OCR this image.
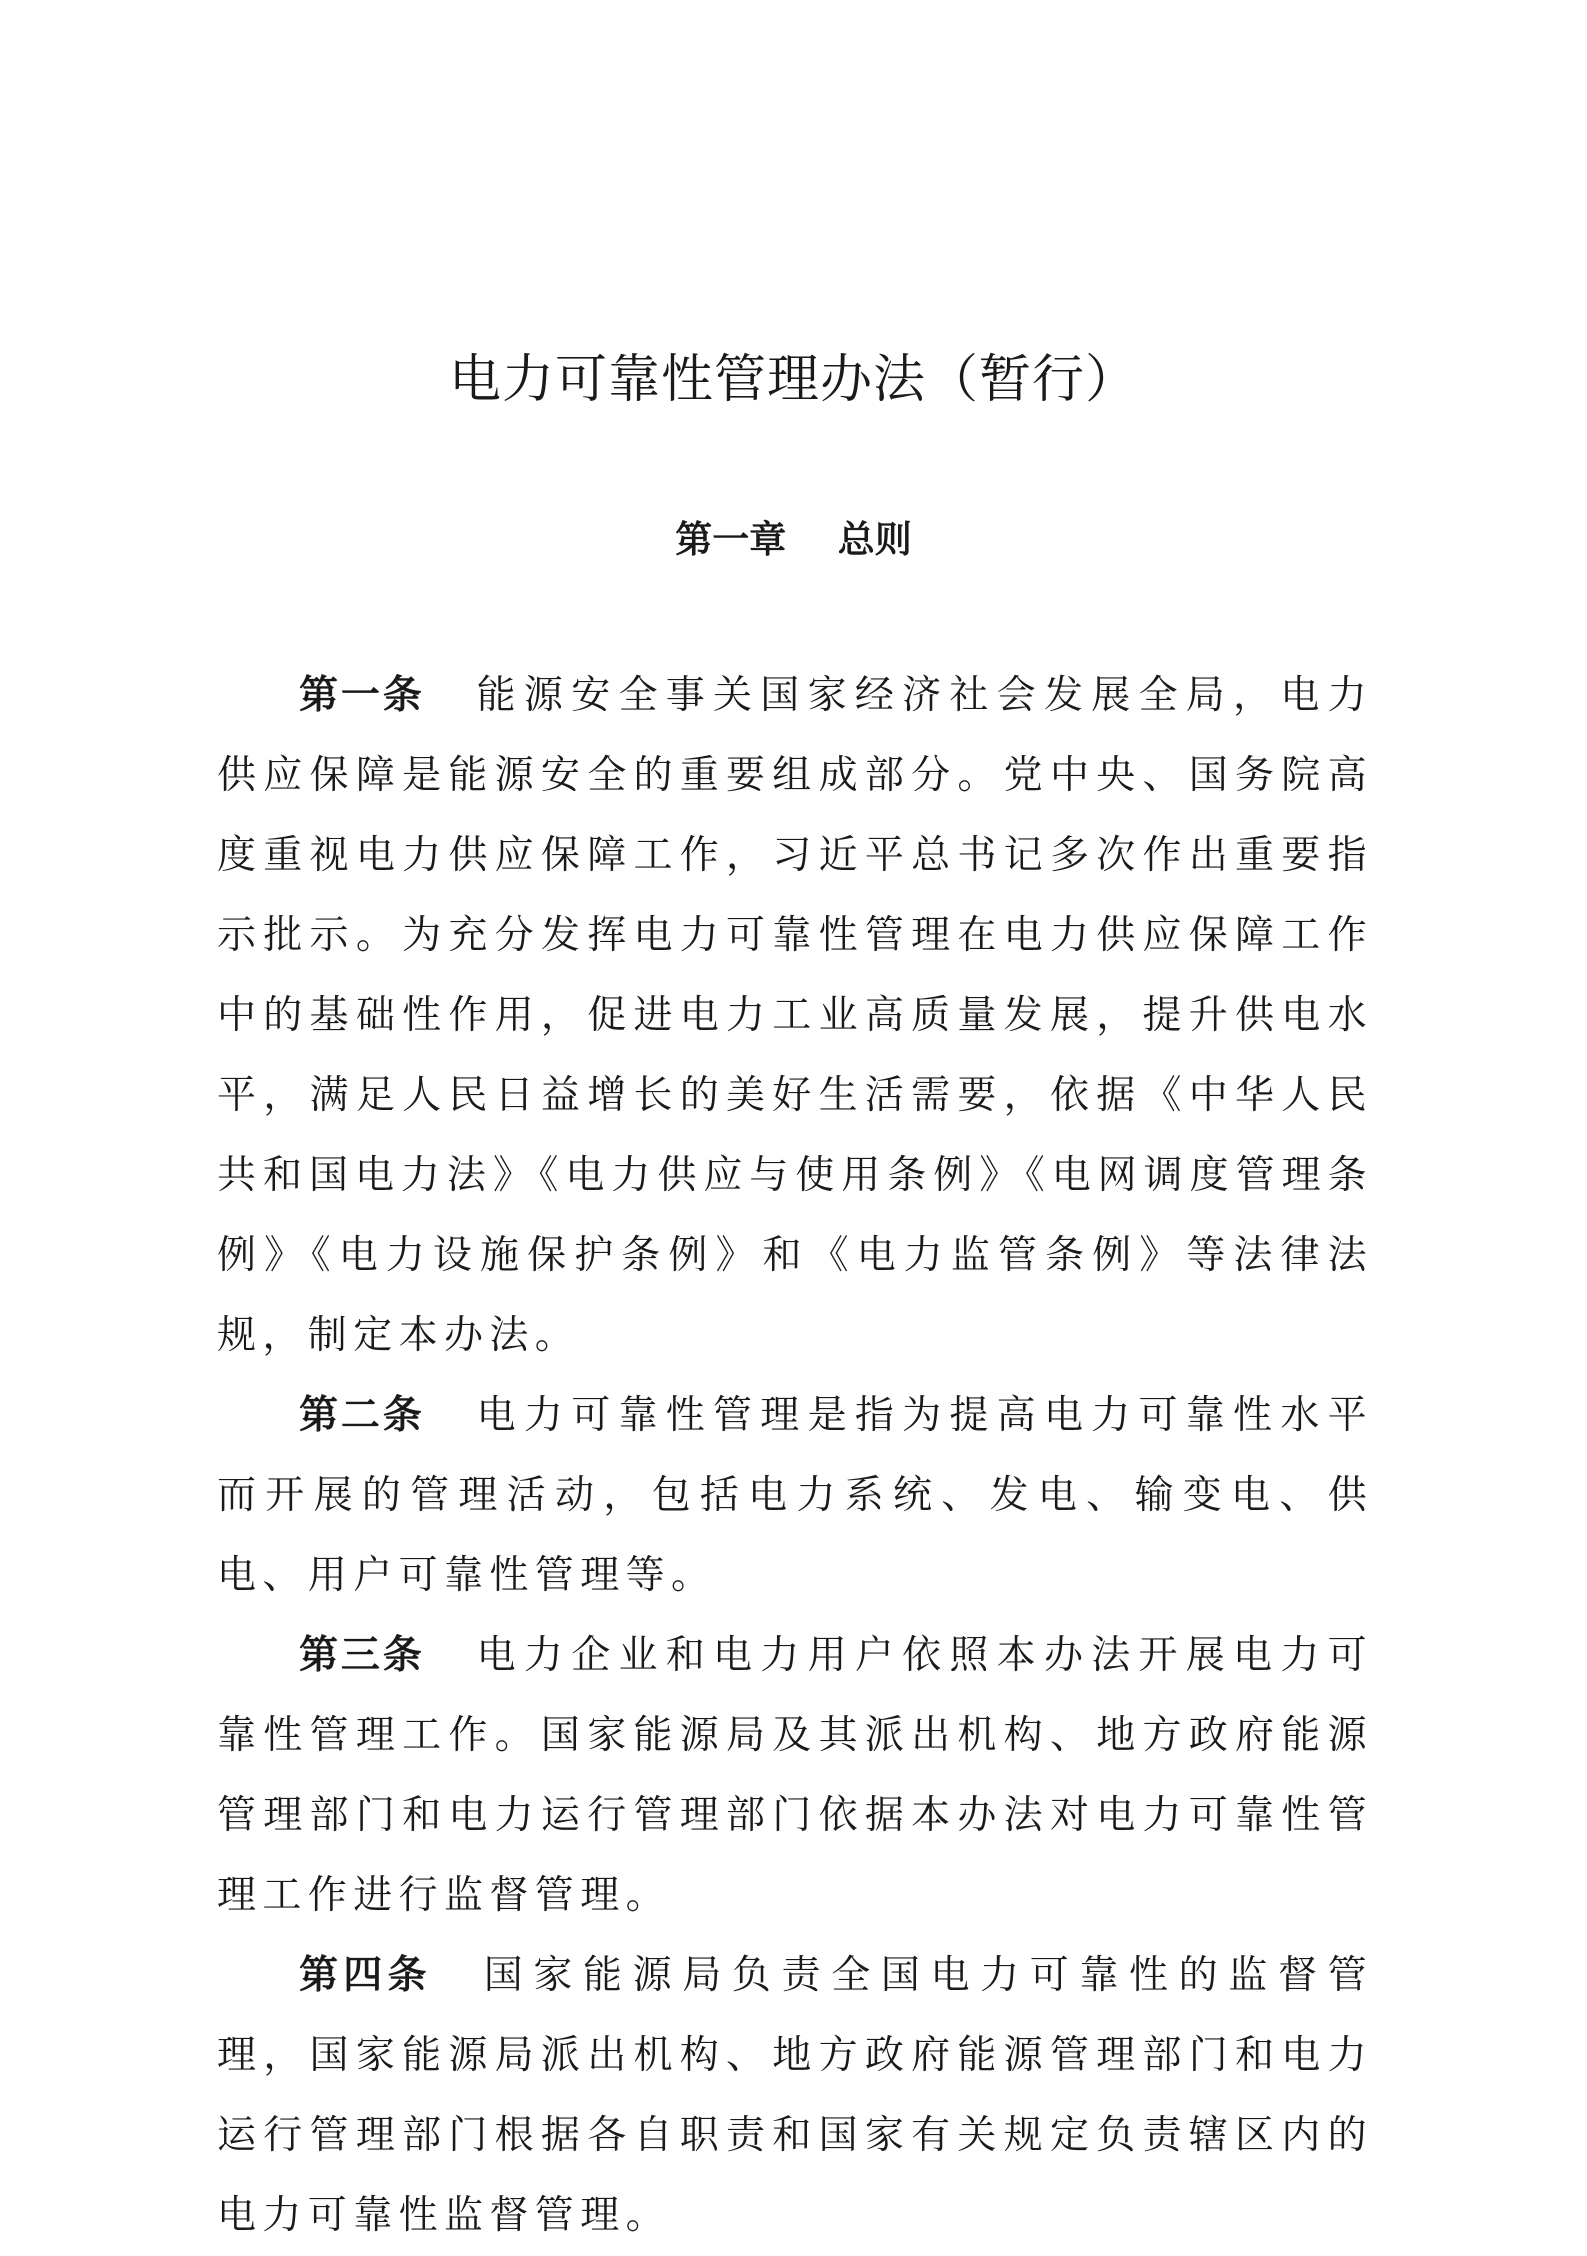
电力可靠性管理办法（暂行）
第一章    总则

第一条 能源安全事关国家经济社会发展全局，电力供应保障是能源安全的重要组成部分。党中央、国务院高度重视电力供应保障工作，习近平总书记多次作出重要指示批示。为充分发挥电力可靠性管理在电力供应保障工作中的基础性作用，促进电力工业高质量发展，提升供电水平，满足人民日益增长的美好生活需要，依据《中华人民共和国电力法》《电力供应与使用条例》《电网调度管理条例》《电力设施保护条例》和《电力监管条例》等法律法规，制定本办法。

第二条 电力可靠性管理是指为提高电力可靠性水平而开展的管理活动，包括电力系统、发电、输变电、供电、用户可靠性管理等。

第三条 电力企业和电力用户依照本办法开展电力可靠性管理工作。国家能源局及其派出机构、地方政府能源管理部门和电力运行管理部门依据本办法对电力可靠性管理工作进行监督管理。

第四条 国家能源局负责全国电力可靠性的监督管理，国家能源局派出机构、地方政府能源管理部门和电力运行管理部门根据各自职责和国家有关规定负责辖区内的电力可靠性监督管理。
